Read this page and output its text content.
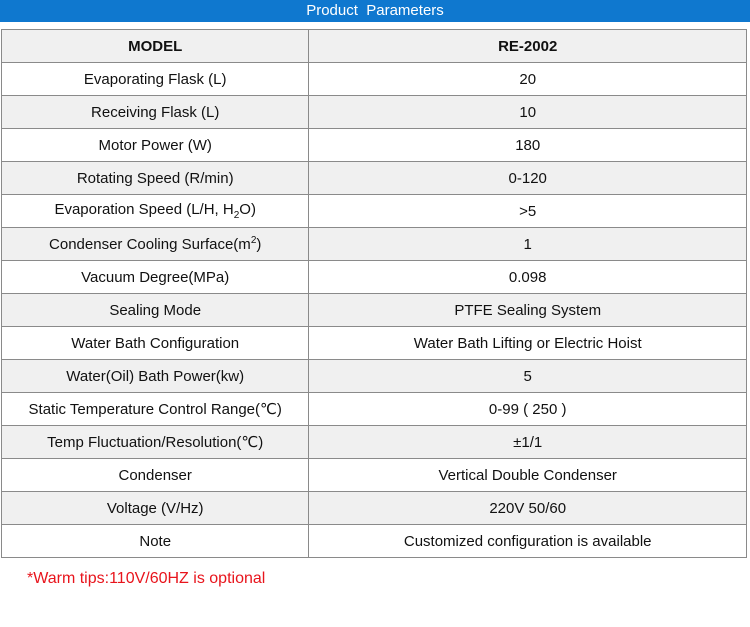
Product  Parameters
MODEL	RE-2002
Evaporating Flask (L)	20
Receiving Flask (L)	10
Motor Power (W)	180
Rotating Speed (R/min)	0-120
Evaporation Speed (L/H, $H_2O$)	>5
Condenser Cooling $Surface(m^2)$	1
Vacuum Degree(MPa)	0.098
Sealing Mode	PTFE Sealing System
Water Bath Configuration	Water Bath Lifting or Electric Hoist
Water(Oil) Bath Power(kw)	5
Static Temperature Control Range(℃)	0-99 ( 250 )
Temp Fluctuation/Resolution(℃)	±1/1
Condenser	Vertical Double Condenser
Voltage (V/Hz)	220V 50/60
Note	Customized configuration is available
*Warm tips:110V/60HZ is optional
